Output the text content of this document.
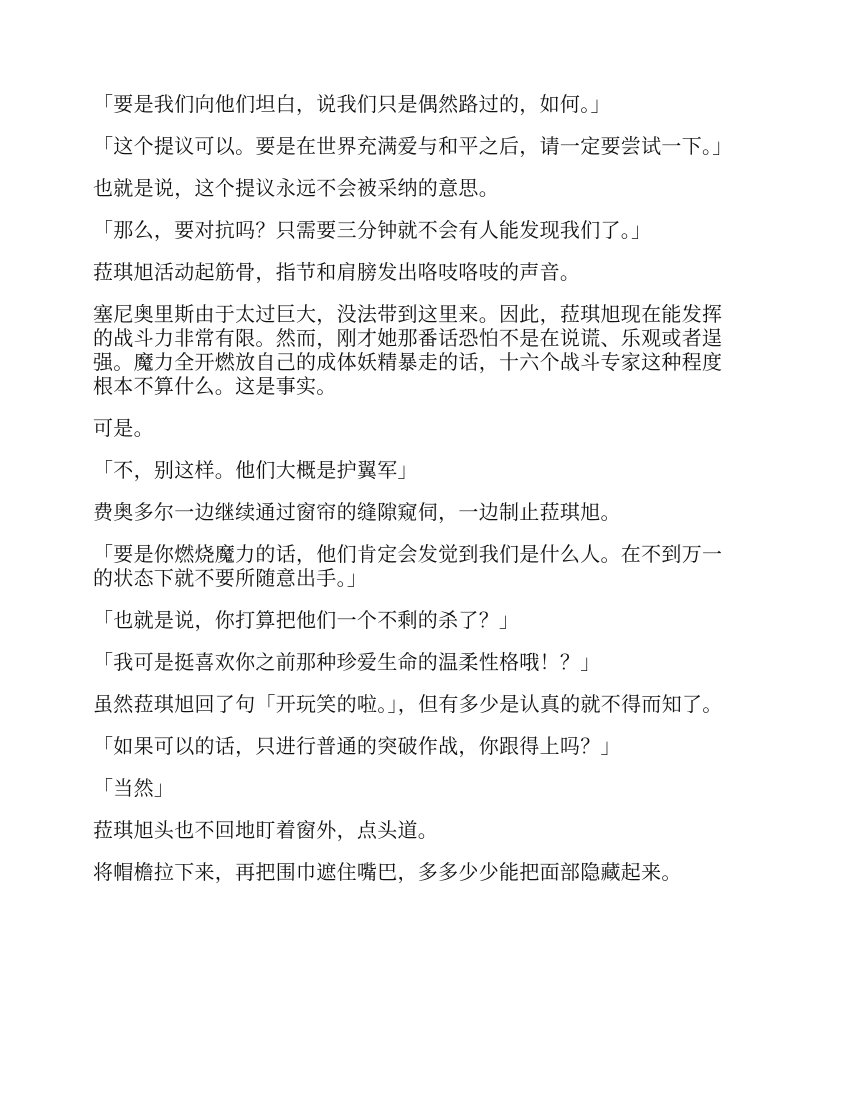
「要是我们向他们坦白，说我们只是偶然路过的，如何。」

「这个提议可以。要是在世界充满爱与和平之后，请一定要尝试一下。」

也就是说，这个提议永远不会被采纳的意思。

「那么，要对抗吗？只需要三分钟就不会有人能发现我们了。」

菈琪旭活动起筋骨，指节和肩膀发出咯吱咯吱的声音。

塞尼奥里斯由于太过巨大，没法带到这里来。因此，菈琪旭现在能发挥的战斗力非常有限。然而，刚才她那番话恐怕不是在说谎、乐观或者逞强。魔力全开燃放自己的成体妖精暴走的话，十六个战斗专家这种程度根本不算什么。这是事实。

可是。

「不，别这样。他们大概是护翼军」

费奥多尔一边继续通过窗帘的缝隙窥伺，一边制止菈琪旭。

「要是你燃烧魔力的话，他们肯定会发觉到我们是什么人。在不到万一的状态下就不要所随意出手。」

「也就是说，你打算把他们一个不剩的杀了？」

「我可是挺喜欢你之前那种珍爱生命的温柔性格哦！？」

虽然菈琪旭回了句「开玩笑的啦。」，但有多少是认真的就不得而知了。

「如果可以的话，只进行普通的突破作战，你跟得上吗？」

「当然」

菈琪旭头也不回地盯着窗外，点头道。

将帽檐拉下来，再把围巾遮住嘴巴，多多少少能把面部隐藏起来。
